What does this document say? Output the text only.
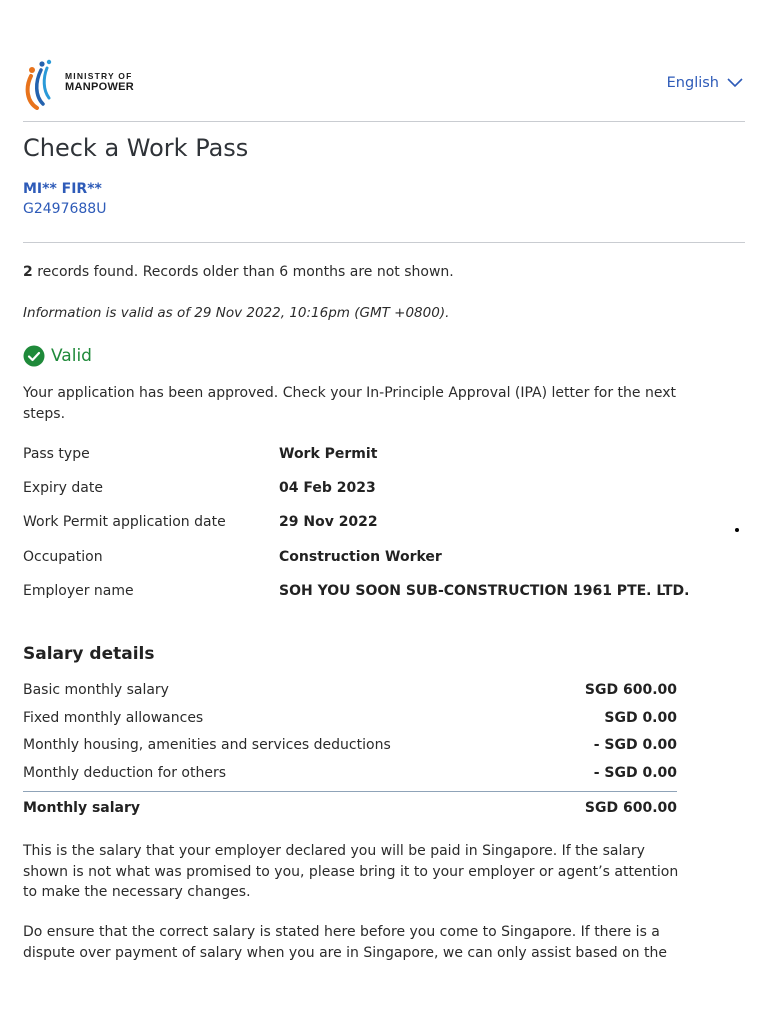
MINISTRY OF
MANPOWER	English
Check a Work Pass
MI** FIR**
G2497688U
2 records found. Records older than 6 months are not shown.
Information is valid as of 29 Nov 2022, 10:16pm (GMT +0800).
Valid
Your application has been approved. Check your In-Principle Approval (IPA) letter for the next steps.
Pass type	Work Permit
Expiry date	04 Feb 2023
Work Permit application date	29 Nov 2022
Occupation	Construction Worker
Employer name	SOH YOU SOON SUB-CONSTRUCTION 1961 PTE. LTD.
Salary details
Basic monthly salary	SGD 600.00
Fixed monthly allowances	SGD 0.00
Monthly housing, amenities and services deductions	- SGD 0.00
Monthly deduction for others	- SGD 0.00
Monthly salary	SGD 600.00
This is the salary that your employer declared you will be paid in Singapore. If the salary shown is not what was promised to you, please bring it to your employer or agent’s attention to make the necessary changes.
Do ensure that the correct salary is stated here before you come to Singapore. If there is a dispute over payment of salary when you are in Singapore, we can only assist based on the
